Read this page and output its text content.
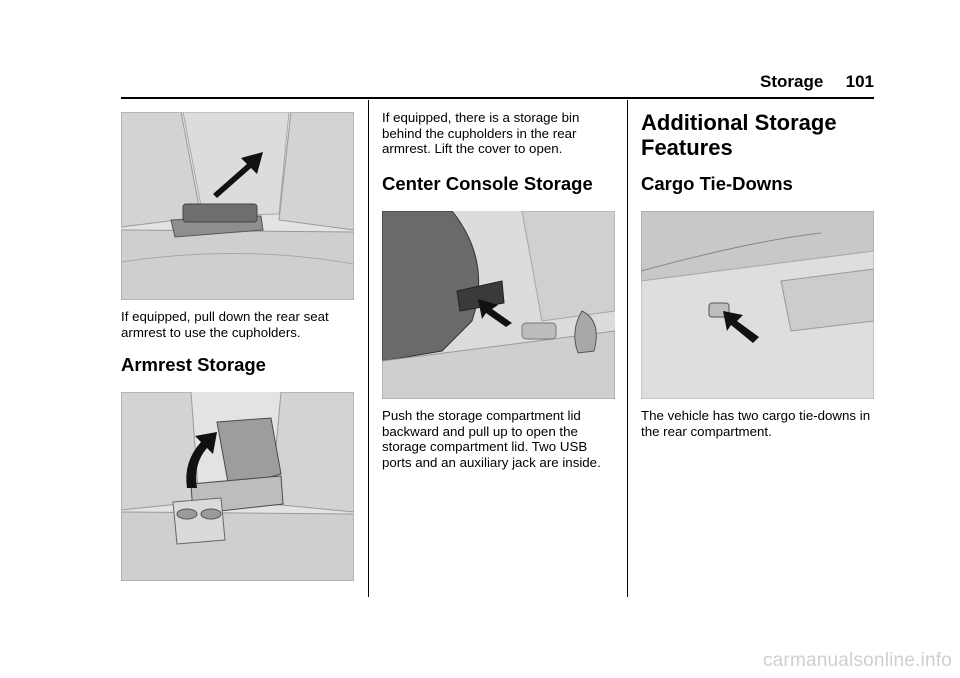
Storage	101
If equipped, pull down the rear seat armrest to use the cupholders.
Armrest Storage
If equipped, there is a storage bin behind the cupholders in the rear armrest. Lift the cover to open.
Center Console Storage
Push the storage compartment lid backward and pull up to open the storage compartment lid. Two USB ports and an auxiliary jack are inside.
Additional Storage Features
Cargo Tie-Downs
The vehicle has two cargo tie-downs in the rear compartment.
carmanualsonline.info
